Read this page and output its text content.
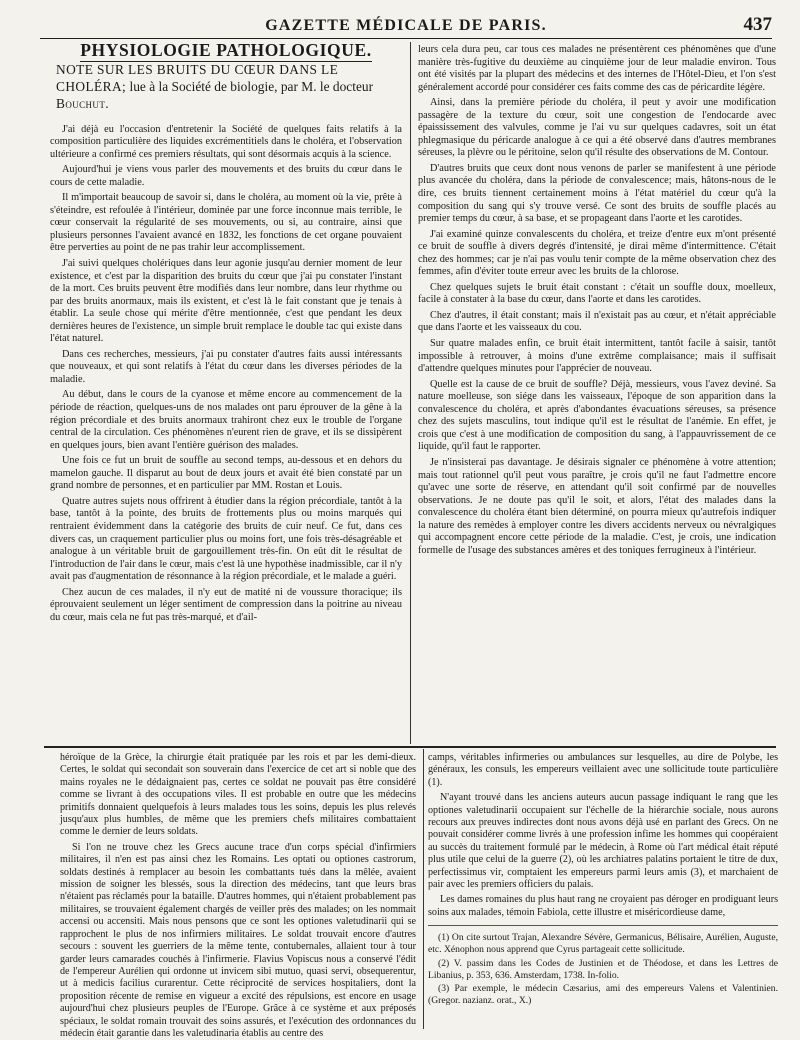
GAZETTE MÉDICALE DE PARIS.	437

PHYSIOLOGIE PATHOLOGIQUE.

NOTE SUR LES BRUITS DU CŒUR DANS LE CHOLÉRA; lue à la Société de biologie, par M. le docteur Bouchut.

J'ai déjà eu l'occasion d'entretenir la Société de quelques faits relatifs à la composition particulière des liquides excrémentitiels dans le choléra, et l'observation ultérieure a confirmé ces premiers résultats, qui sont désormais acquis à la science.

Aujourd'hui je viens vous parler des mouvements et des bruits du cœur dans le cours de cette maladie.

Il m'importait beaucoup de savoir si, dans le choléra, au moment où la vie, prête à s'éteindre, est refoulée à l'intérieur, dominée par une force inconnue mais terrible, le cœur conservait la régularité de ses mouvements, ou si, au contraire, ainsi que plusieurs personnes l'avaient avancé en 1832, les fonctions de cet organe pouvaient être perverties au point de ne pas trahir leur accomplissement.

J'ai suivi quelques cholériques dans leur agonie jusqu'au dernier moment de leur existence, et c'est par la disparition des bruits du cœur que j'ai pu constater l'instant de la mort. Ces bruits peuvent être modifiés dans leur nombre, dans leur rhythme ou par des bruits anormaux, mais ils existent, et c'est là le fait constant que je tenais à établir. La seule chose qui mérite d'être mentionnée, c'est que pendant les deux dernières heures de l'existence, un simple bruit remplace le double tac qui existe dans l'état naturel.

Dans ces recherches, messieurs, j'ai pu constater d'autres faits aussi intéressants que nouveaux, et qui sont relatifs à l'état du cœur dans les diverses périodes de la maladie.

Au début, dans le cours de la cyanose et même encore au commencement de la période de réaction, quelques-uns de nos malades ont paru éprouver de la gêne à la région précordiale et des bruits anormaux trahiront chez eux le trouble de l'organe central de la circulation. Ces phénomènes n'eurent rien de grave, et ils se dissipèrent en quelques jours, bien avant l'entière guérison des malades.

Une fois ce fut un bruit de souffle au second temps, au-dessous et en dehors du mamelon gauche. Il disparut au bout de deux jours et avait été bien constaté par un grand nombre de personnes, et en particulier par MM. Rostan et Louis.

Quatre autres sujets nous offrirent à étudier dans la région précordiale, tantôt à la base, tantôt à la pointe, des bruits de frottements plus ou moins marqués qui rentraient évidemment dans la catégorie des bruits de cuir neuf. Ce fut, dans ces divers cas, un craquement particulier plus ou moins fort, une fois très-désagréable et analogue à un véritable bruit de gargouillement très-fin. On eût dit le résultat de l'introduction de l'air dans le cœur, mais c'est là une hypothèse inadmissible, car il n'y avait pas d'augmentation de résonnance à la région précordiale, et le malade a guéri.

Chez aucun de ces malades, il n'y eut de matité ni de voussure thoracique; ils éprouvaient seulement un léger sentiment de compression dans la poitrine au niveau du cœur, mais cela ne fut pas très-marqué, et d'ail-

leurs cela dura peu, car tous ces malades ne présentèrent ces phénomènes que d'une manière très-fugitive du deuxième au cinquième jour de leur maladie environ. Tous ont été visités par la plupart des médecins et des internes de l'Hôtel-Dieu, et l'on s'est généralement accordé pour considérer ces faits comme des cas de péricardite légère.

Ainsi, dans la première période du choléra, il peut y avoir une modification passagère de la texture du cœur, soit une congestion de l'endocarde avec épaississement des valvules, comme je l'ai vu sur quelques cadavres, soit un état phlegmasique du péricarde analogue à ce qui a été observé dans d'autres membranes séreuses, la plèvre ou le péritoine, selon qu'il résulte des observations de M. Contour.

D'autres bruits que ceux dont nous venons de parler se manifestent à une période plus avancée du choléra, dans la période de convalescence; mais, hâtons-nous de le dire, ces bruits tiennent certainement moins à l'état matériel du cœur qu'à la composition du sang qui s'y trouve versé. Ce sont des bruits de souffle placés au premier temps du cœur, à sa base, et se propageant dans l'aorte et les carotides.

J'ai examiné quinze convalescents du choléra, et treize d'entre eux m'ont présenté ce bruit de souffle à divers degrés d'intensité, je dirai même d'intermittence. C'était chez des hommes; car je n'ai pas voulu tenir compte de la même observation chez des femmes, afin d'éviter toute erreur avec les bruits de la chlorose.

Chez quelques sujets le bruit était constant : c'était un souffle doux, moelleux, facile à constater à la base du cœur, dans l'aorte et dans les carotides.

Chez d'autres, il était constant; mais il n'existait pas au cœur, et n'était appréciable que dans l'aorte et les vaisseaux du cou.

Sur quatre malades enfin, ce bruit était intermittent, tantôt facile à saisir, tantôt impossible à retrouver, à moins d'une extrême complaisance; mais il suffisait d'attendre quelques minutes pour l'apprécier de nouveau.

Quelle est la cause de ce bruit de souffle? Déjà, messieurs, vous l'avez deviné. Sa nature moelleuse, son siége dans les vaisseaux, l'époque de son apparition dans la convalescence du choléra, et après d'abondantes évacuations séreuses, sa présence chez des sujets masculins, tout indique qu'il est le résultat de l'anémie. En effet, je crois que c'est à une modification de composition du sang, à l'appauvrissement de ce liquide, qu'il faut le rapporter.

Je n'insisterai pas davantage. Je désirais signaler ce phénomène à votre attention; mais tout rationnel qu'il peut vous paraître, je crois qu'il ne faut l'admettre encore qu'avec une sorte de réserve, en attendant qu'il soit confirmé par de nouvelles observations. Je ne doute pas qu'il le soit, et alors, l'état des malades dans la convalescence du choléra étant bien déterminé, on pourra mieux qu'autrefois indiquer la nature des remèdes à employer contre les divers accidents nerveux ou névralgiques qui accompagnent encore cette période de la maladie. C'est, je crois, une indication formelle de l'usage des substances amères et des toniques ferrugineux à l'intérieur.

héroïque de la Grèce, la chirurgie était pratiquée par les rois et par les demi-dieux. Certes, le soldat qui secondait son souverain dans l'exercice de cet art si noble que des mains royales ne le dédaignaient pas, certes ce soldat ne pouvait pas être considéré comme se livrant à des occupations viles. Il est probable en outre que les médecins primitifs donnaient quelquefois à leurs malades tous les soins, depuis les plus relevés jusqu'aux plus humbles, de même que les premiers chefs militaires combattaient comme le dernier de leurs soldats.

Si l'on ne trouve chez les Grecs aucune trace d'un corps spécial d'infirmiers militaires, il n'en est pas ainsi chez les Romains. Les optati ou optiones castrorum, soldats destinés à remplacer au besoin les combattants tués dans la mêlée, avaient mission de soigner les blessés, sous la direction des médecins, tant que leurs bras n'étaient pas réclamés pour la bataille. D'autres hommes, qui n'étaient probablement pas militaires, se trouvaient également chargés de veiller près des malades; on les nommait accensi ou accensiti. Mais nous pensons que ce sont les optiones valetudinarii qui se rapprochent le plus de nos infirmiers militaires. Le soldat trouvait encore d'autres secours : souvent les guerriers de la même tente, contubernales, allaient tour à tour garder leurs camarades couchés à l'infirmerie. Flavius Vopiscus nous a conservé l'édit de l'empereur Aurélien qui ordonne ut invicem sibi mutuo, quasi servi, obsequerentur, ut à medicis facilius curarentur. Cette réciprocité de services hospitaliers, dont la proposition récente de remise en vigueur a excité des répulsions, est encore en usage aujourd'hui chez plusieurs peuples de l'Europe. Grâce à ce système et aux préposés spéciaux, le soldat romain trouvait des soins assurés, et l'exécution des ordonnances du médecin était garantie dans les valetudinaria établis au centre des

camps, véritables infirmeries ou ambulances sur lesquelles, au dire de Polybe, les généraux, les consuls, les empereurs veillaient avec une sollicitude toute particulière (1).

N'ayant trouvé dans les anciens auteurs aucun passage indiquant le rang que les optiones valetudinarii occupaient sur l'échelle de la hiérarchie sociale, nous aurons recours aux preuves indirectes dont nous avons déjà usé en parlant des Grecs. On ne pouvait considérer comme livrés à une profession infime les hommes qui coopéraient au succès du traitement formulé par le médecin, à Rome où l'art médical était réputé plus utile que celui de la guerre (2), où les archiatres palatins portaient le titre de dux, perfectissimus vir, comptaient les empereurs parmi leurs amis (3), et marchaient de pair avec les premiers officiers du palais.

Les dames romaines du plus haut rang ne croyaient pas déroger en prodiguant leurs soins aux malades, témoin Fabiola, cette illustre et miséricordieuse dame,

(1) On cite surtout Trajan, Alexandre Sévère, Germanicus, Bélisaire, Aurélien, Auguste, etc. Xénophon nous apprend que Cyrus partageait cette sollicitude.

(2) V. passim dans les Codes de Justinien et de Théodose, et dans les Lettres de Libanius, p. 353, 636. Amsterdam, 1738. In-folio.

(3) Par exemple, le médecin Cæsarius, ami des empereurs Valens et Valentinien. (Gregor. nazianz. orat., X.)
